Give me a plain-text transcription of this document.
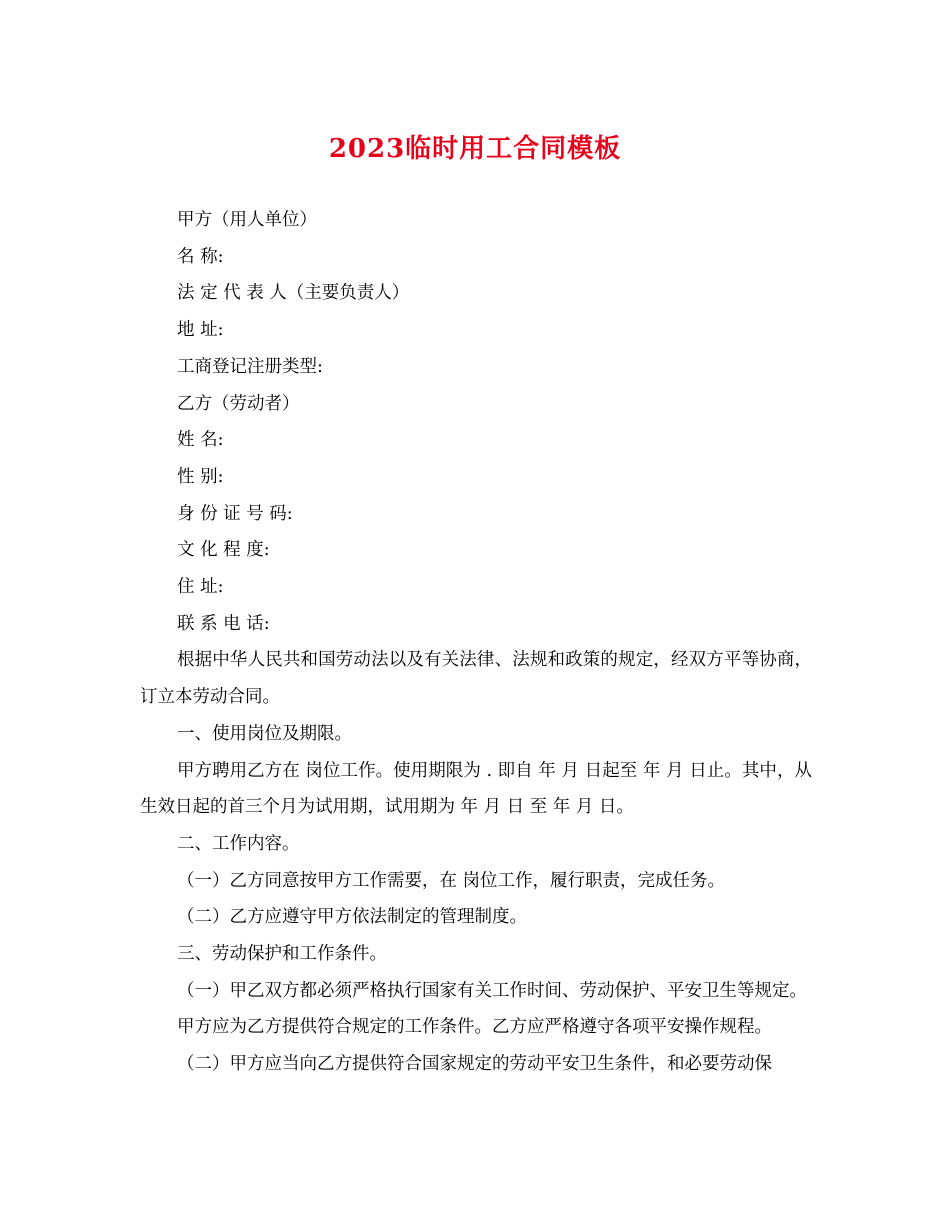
2023临时用工合同模板

甲方（用人单位）

名 称:

法 定 代 表 人（主要负责人）

地 址:

工商登记注册类型:

乙方（劳动者）

姓 名:

性 别:

身 份 证 号 码:

文 化 程 度:

住 址:

联 系 电 话:

根据中华人民共和国劳动法以及有关法律、法规和政策的规定，经双方平等协商，订立本劳动合同。

一、使用岗位及期限。

甲方聘用乙方在 岗位工作。使用期限为 . 即自 年 月 日起至 年 月 日止。其中，从生效日起的首三个月为试用期，试用期为 年 月 日 至 年 月 日。

二、工作内容。

（一）乙方同意按甲方工作需要，在 岗位工作，履行职责，完成任务。

（二）乙方应遵守甲方依法制定的管理制度。

三、劳动保护和工作条件。

（一）甲乙双方都必须严格执行国家有关工作时间、劳动保护、平安卫生等规定。

甲方应为乙方提供符合规定的工作条件。乙方应严格遵守各项平安操作规程。

（二）甲方应当向乙方提供符合国家规定的劳动平安卫生条件，和必要劳动保
